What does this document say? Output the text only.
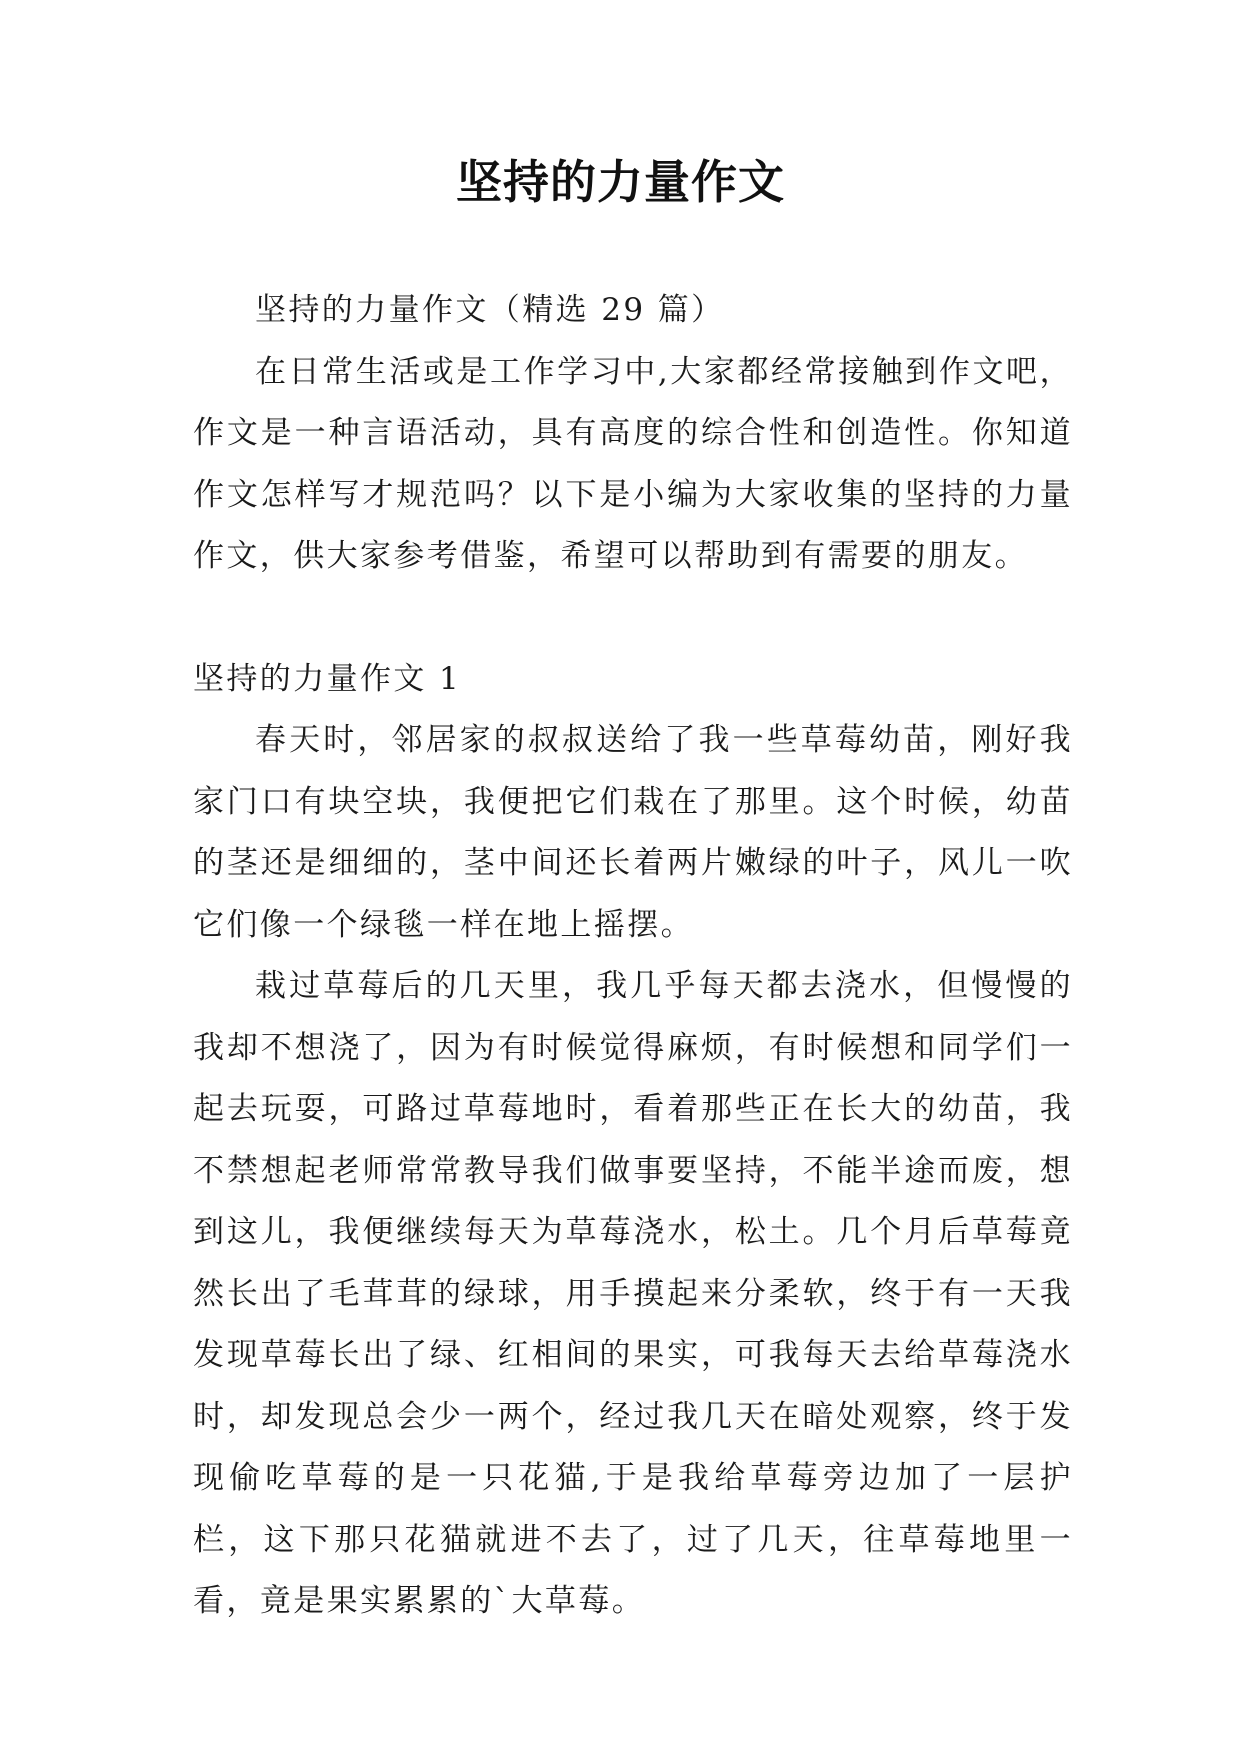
坚持的力量作文

坚持的力量作文（精选 29 篇）

在日常生活或是工作学习中,大家都经常接触到作文吧，作文是一种言语活动，具有高度的综合性和创造性。你知道作文怎样写才规范吗？以下是小编为大家收集的坚持的力量作文，供大家参考借鉴，希望可以帮助到有需要的朋友。

坚持的力量作文 1

春天时，邻居家的叔叔送给了我一些草莓幼苗，刚好我家门口有块空块，我便把它们栽在了那里。这个时候，幼苗的茎还是细细的，茎中间还长着两片嫩绿的叶子，风儿一吹它们像一个绿毯一样在地上摇摆。

栽过草莓后的几天里，我几乎每天都去浇水，但慢慢的我却不想浇了，因为有时候觉得麻烦，有时候想和同学们一起去玩耍，可路过草莓地时，看着那些正在长大的幼苗，我不禁想起老师常常教导我们做事要坚持，不能半途而废，想到这儿，我便继续每天为草莓浇水，松土。几个月后草莓竟然长出了毛茸茸的绿球，用手摸起来分柔软，终于有一天我发现草莓长出了绿、红相间的果实，可我每天去给草莓浇水时，却发现总会少一两个，经过我几天在暗处观察，终于发现偷吃草莓的是一只花猫,于是我给草莓旁边加了一层护栏，这下那只花猫就进不去了，过了几天，往草莓地里一看，竟是果实累累的`大草莓。
